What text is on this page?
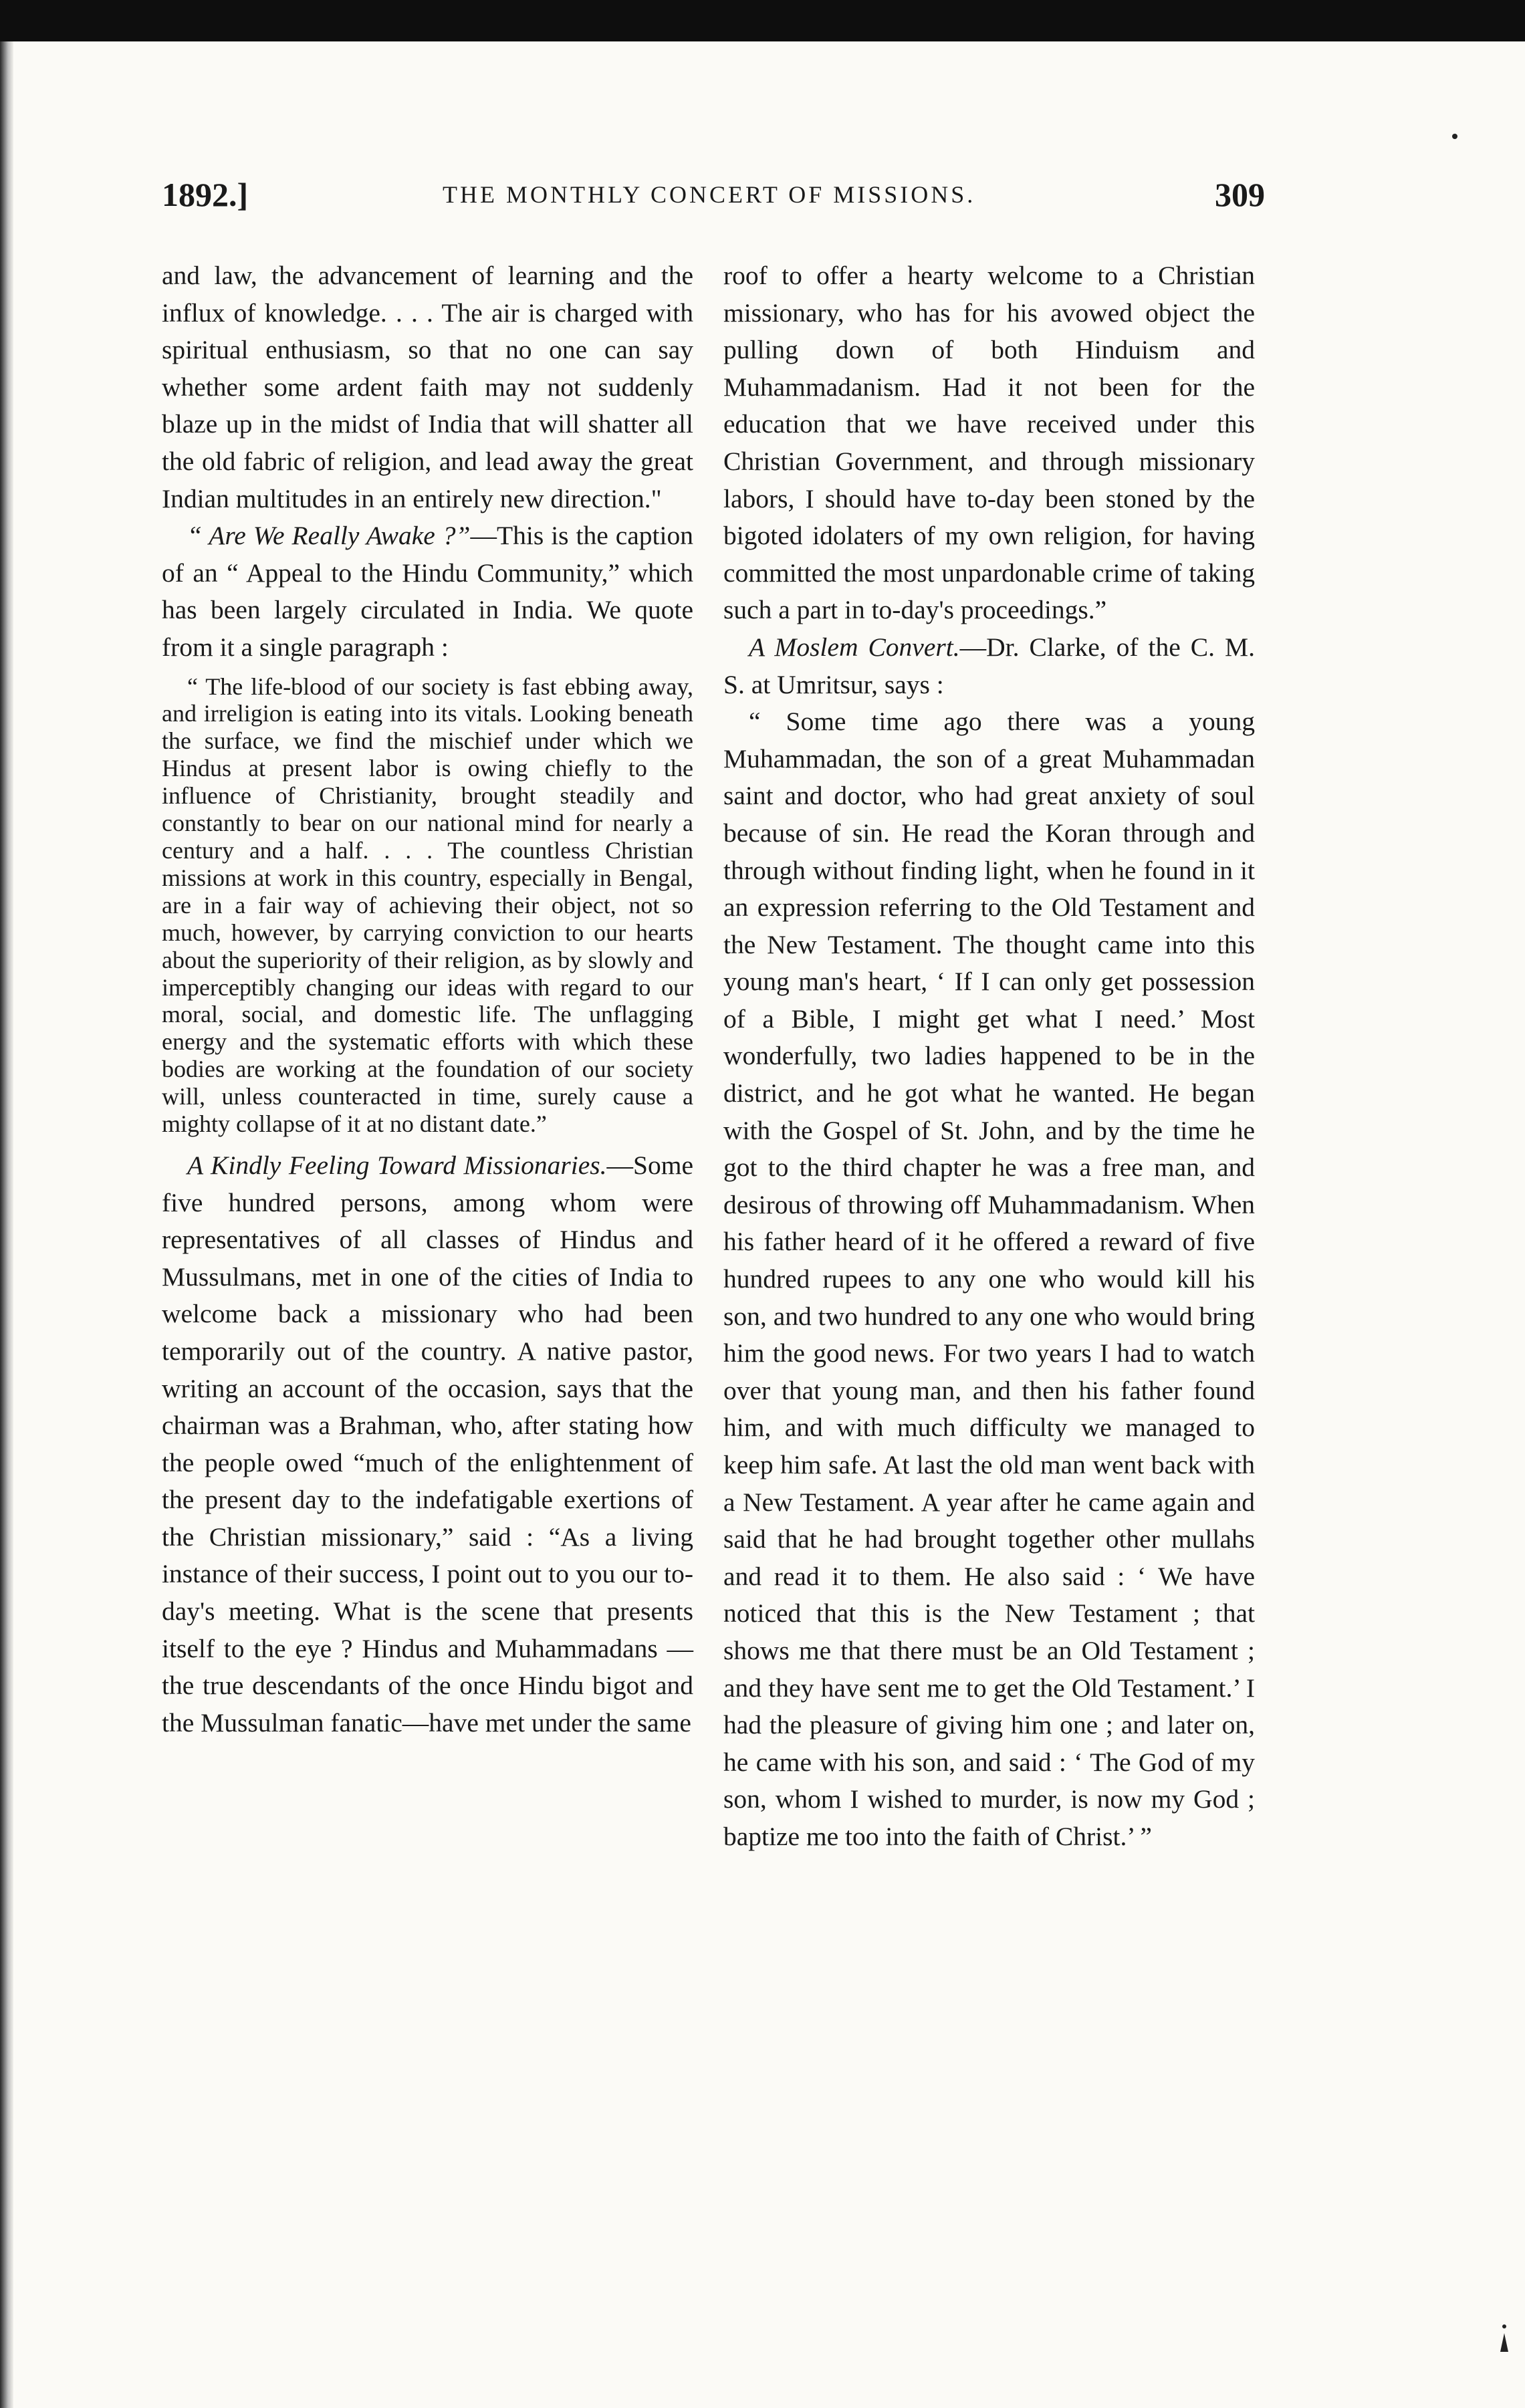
1892.]	THE MONTHLY CONCERT OF MISSIONS.	309

and law, the advancement of learning and the influx of knowledge. . . . The air is charged with spiritual enthusiasm, so that no one can say whether some ardent faith may not suddenly blaze up in the midst of India that will shatter all the old fabric of religion, and lead away the great Indian multitudes in an entirely new direction."

“ Are We Really Awake ?”—This is the caption of an “ Appeal to the Hindu Community,” which has been largely circulated in India. We quote from it a single paragraph :

“ The life-blood of our society is fast ebbing away, and irreligion is eating into its vitals. Looking beneath the surface, we find the mischief under which we Hindus at present labor is owing chiefly to the influence of Christianity, brought steadily and constantly to bear on our national mind for nearly a century and a half. . . . The countless Christian missions at work in this country, especially in Bengal, are in a fair way of achieving their object, not so much, however, by carrying conviction to our hearts about the superiority of their religion, as by slowly and imperceptibly changing our ideas with regard to our moral, social, and domestic life. The unflagging energy and the systematic efforts with which these bodies are working at the foundation of our society will, unless counteracted in time, surely cause a mighty collapse of it at no distant date.”

A Kindly Feeling Toward Missionaries.—Some five hundred persons, among whom were representatives of all classes of Hindus and Mussulmans, met in one of the cities of India to welcome back a missionary who had been temporarily out of the country. A native pastor, writing an account of the occasion, says that the chairman was a Brahman, who, after stating how the people owed “much of the enlightenment of the present day to the indefatigable exertions of the Christian missionary,” said : “As a living instance of their success, I point out to you our to-day's meeting. What is the scene that presents itself to the eye ? Hindus and Muhammadans — the true descendants of the once Hindu bigot and the Mussulman fanatic—have met under the same

roof to offer a hearty welcome to a Christian missionary, who has for his avowed object the pulling down of both Hinduism and Muhammadanism. Had it not been for the education that we have received under this Christian Government, and through missionary labors, I should have to-day been stoned by the bigoted idolaters of my own religion, for having committed the most unpardonable crime of taking such a part in to-day's proceedings.”

A Moslem Convert.—Dr. Clarke, of the C. M. S. at Umritsur, says :

“ Some time ago there was a young Muhammadan, the son of a great Muhammadan saint and doctor, who had great anxiety of soul because of sin. He read the Koran through and through without finding light, when he found in it an expression referring to the Old Testament and the New Testament. The thought came into this young man's heart, ‘ If I can only get possession of a Bible, I might get what I need.’ Most wonderfully, two ladies happened to be in the district, and he got what he wanted. He began with the Gospel of St. John, and by the time he got to the third chapter he was a free man, and desirous of throwing off Muhammadanism. When his father heard of it he offered a reward of five hundred rupees to any one who would kill his son, and two hundred to any one who would bring him the good news. For two years I had to watch over that young man, and then his father found him, and with much difficulty we managed to keep him safe. At last the old man went back with a New Testament. A year after he came again and said that he had brought together other mullahs and read it to them. He also said : ‘ We have noticed that this is the New Testament ; that shows me that there must be an Old Testament ; and they have sent me to get the Old Testament.’ I had the pleasure of giving him one ; and later on, he came with his son, and said : ‘ The God of my son, whom I wished to murder, is now my God ; baptize me too into the faith of Christ.’ ”
